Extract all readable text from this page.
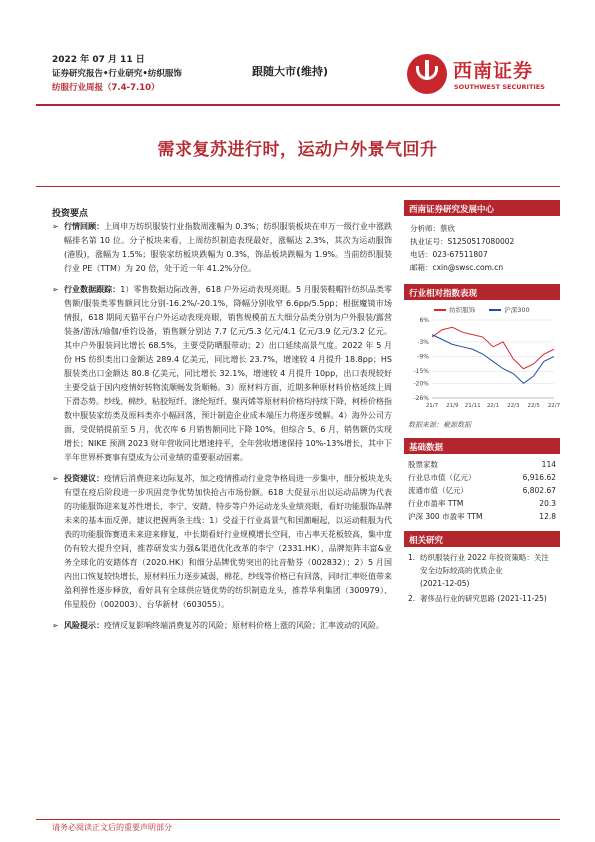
2022 年 07 月 11 日
证券研究报告•行业研究•纺织服饰
纺服行业周报（7.4-7.10）
跟随大市(维持)	西南证券
SOUTHWEST SECURITIES
需求复苏进行时，运动户外景气回升
投资要点
➢ 行情回顾：上周申万纺织服装行业指数周涨幅为 0.3%；纺织服装板块在申万一级行业中涨跌幅排名第 10 位。分子板块来看，上周纺织制造表现最好，涨幅达 2.3%，其次为运动服饰(港股)，涨幅为 1.5%；服装家纺板块跌幅为 0.3%，饰品板块跌幅为 1.9%。当前纺织服装行业 PE（TTM）为 20 倍，处于近一年 41.2%分位。
➢ 行业数据跟踪：1）零售数据边际改善，618 户外运动表现亮眼。5 月服装鞋帽针纺织品类零售额/服装类零售额同比分别-16.2%/-20.1%，降幅分别收窄 6.6pp/5.5pp；根据魔镜市场情报，618 期间天猫平台户外运动表现亮眼，销售规模前五大细分品类分别为户外服装/露营装备/游泳/瑜伽/垂钓设备，销售额分别达 7.7 亿元/5.3 亿元/4.1 亿元/3.9 亿元/3.2 亿元。其中户外服装同比增长 68.5%，主要受防晒服带动；2）出口延续高景气度。2022 年 5 月份 HS 纺织类出口金额达 289.4 亿美元，同比增长 23.7%，增速较 4 月提升 18.8pp；HS 服装类出口金额达 80.8 亿美元，同比增长 32.1%，增速较 4 月提升 10pp，出口表现较好主要受益于国内疫情好转物流顺畅发货顺畅。3）原材料方面，近期多种原材料价格延续上周下滑态势。纱线、棉纱、粘胶短纤、涤纶短纤、聚丙烯等原材料价格均持续下降，柯桥价格指数中服装家纺类及原料类亦小幅回落，预计制造企业成本端压力将逐步缓解。4）海外公司方面，受促销提前至 5 月，优衣库 6 月销售额同比下降 10%，但综合 5、6 月，销售额仍实现增长；NIKE 预测 2023 财年营收同比增速持平，全年营收增速保持 10%-13%增长，其中下半年世界杯赛事有望成为公司业绩的重要驱动因素。
➢ 投资建议：疫情后消费迎来边际复苏，加之疫情推动行业竞争格局进一步集中，细分板块龙头有望在疫后阶段进一步巩固竞争优势加快抢占市场份额。618 大促显示出以运动品牌为代表的功能服饰迎来复苏性增长，李宁、安踏、特步等户外运动龙头业绩亮眼，看好功能服饰品牌未来的基本面反弹。建议把握两条主线：1）受益于行业高景气和国潮崛起，以运动鞋服为代表的功能服饰赛道未来迎来修复，中长期看好行业规模增长空间，市占率天花板较高，集中度仍有较大提升空间，推荐研发实力强&渠道优化改革的李宁（2331.HK）、品牌矩阵丰富&业务全球化的安踏体育（2020.HK）和细分品牌优势突出的比音勒芬（002832）；2）5 月国内出口恢复较快增长，原材料压力逐步减弱，棉花、纱线等价格已有回落，同时汇率贬值带来盈利弹性逐步释放，看好具有全球供应链优势的纺织制造龙头，推荐华利集团（300979）、伟星股份（002003）、台华新材（603055）。
➢ 风险提示：疫情反复影响终端消费复苏的风险；原材料价格上涨的风险；汇率波动的风险。
西南证券研究发展中心
分析师：蔡欣
执业证号：S1250517080002
电话：023-67511807
邮箱：cxin@swsc.com.cn
行业相对指数表现
纺织服饰	沪深300
6%
-3%
-9%
-15%
-20%
-26%
21/7 21/9 21/11 22/1 22/3 22/5 22/7
数据来源：聚源数据
基础数据
股票家数	114
行业总市值（亿元）	6,916.62
流通市值（亿元）	6,802.67
行业市盈率 TTM	20.3
沪深 300 市盈率 TTM	12.8
相关研究
1. 纺织服装行业 2022 年投资策略：关注安全边际较高的优质企业
(2021-12-05)
2. 奢侈品行业的研究思路 (2021-11-25)
请务必阅读正文后的重要声明部分
